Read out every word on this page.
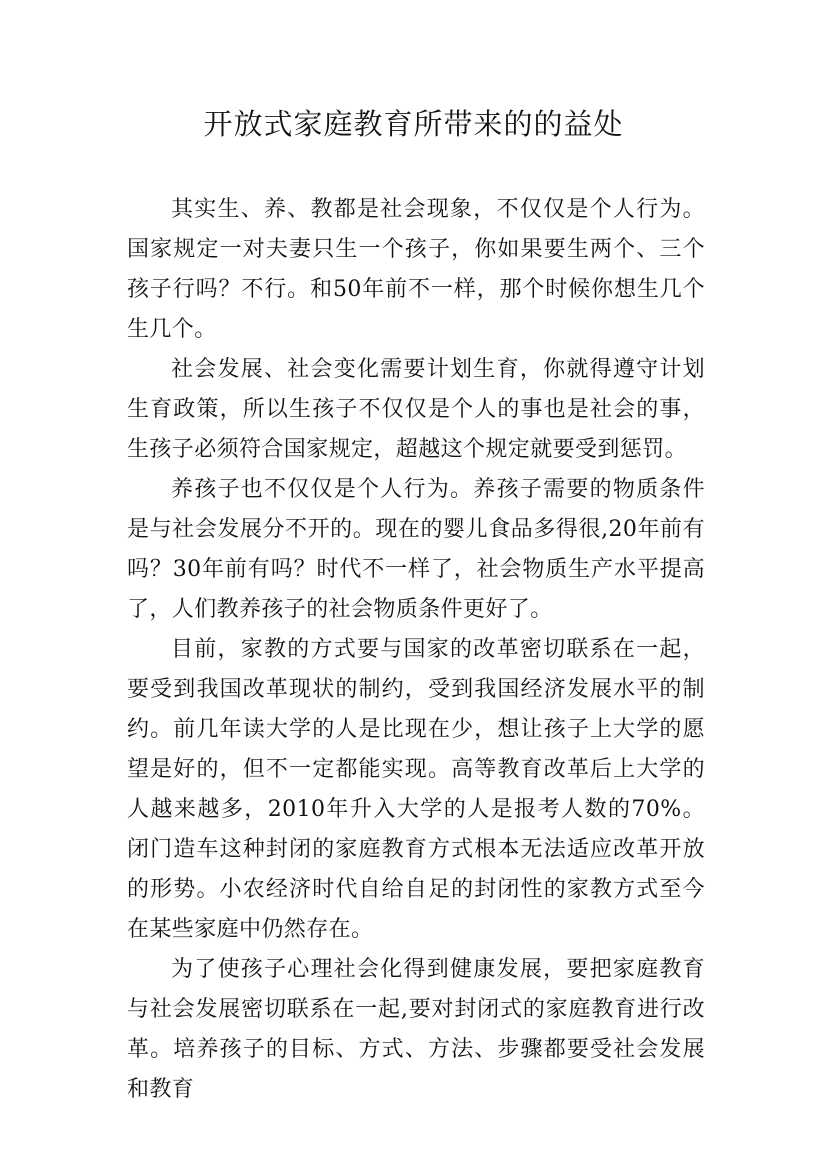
开放式家庭教育所带来的的益处

其实生、养、教都是社会现象，不仅仅是个人行为。国家规定一对夫妻只生一个孩子，你如果要生两个、三个孩子行吗？不行。和50年前不一样，那个时候你想生几个生几个。

社会发展、社会变化需要计划生育，你就得遵守计划生育政策，所以生孩子不仅仅是个人的事也是社会的事，生孩子必须符合国家规定，超越这个规定就要受到惩罚。

养孩子也不仅仅是个人行为。养孩子需要的物质条件是与社会发展分不开的。现在的婴儿食品多得很,20年前有吗？30年前有吗？时代不一样了，社会物质生产水平提高了，人们教养孩子的社会物质条件更好了。

目前，家教的方式要与国家的改革密切联系在一起，要受到我国改革现状的制约，受到我国经济发展水平的制约。前几年读大学的人是比现在少，想让孩子上大学的愿望是好的，但不一定都能实现。高等教育改革后上大学的人越来越多，2010年升入大学的人是报考人数的70%。闭门造车这种封闭的家庭教育方式根本无法适应改革开放的形势。小农经济时代自给自足的封闭性的家教方式至今在某些家庭中仍然存在。

为了使孩子心理社会化得到健康发展，要把家庭教育与社会发展密切联系在一起,要对封闭式的家庭教育进行改革。培养孩子的目标、方式、方法、步骤都要受社会发展和教育
